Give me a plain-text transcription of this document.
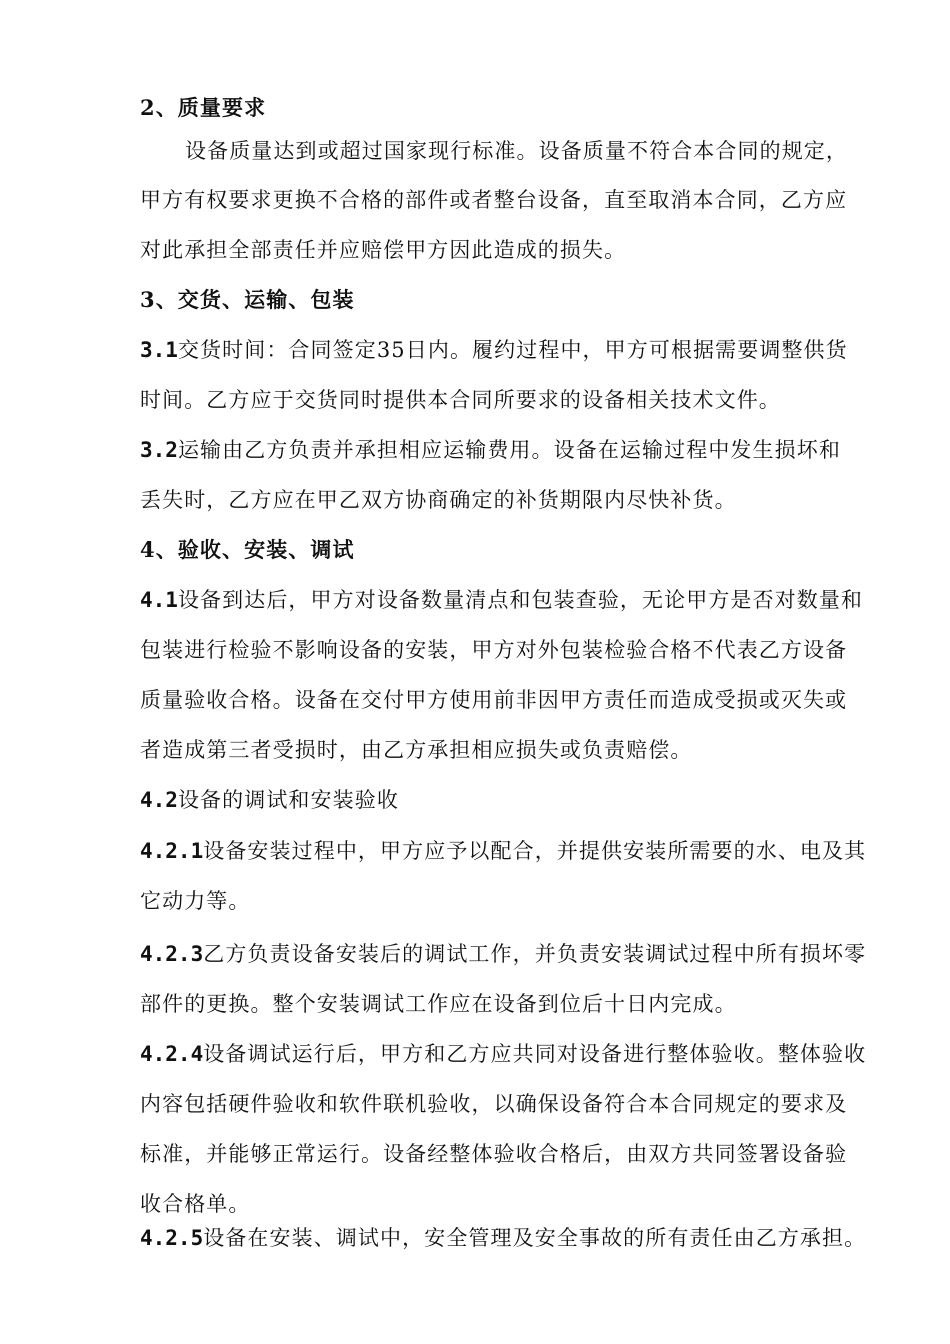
2、质量要求
设备质量达到或超过国家现行标准。设备质量不符合本合同的规定，
甲方有权要求更换不合格的部件或者整台设备，直至取消本合同，乙方应
对此承担全部责任并应赔偿甲方因此造成的损失。
3、交货、运输、包装
3.1交货时间：合同签定35日内。履约过程中，甲方可根据需要调整供货
时间。乙方应于交货同时提供本合同所要求的设备相关技术文件。
3.2运输由乙方负责并承担相应运输费用。设备在运输过程中发生损坏和
丢失时，乙方应在甲乙双方协商确定的补货期限内尽快补货。
4、验收、安装、调试
4.1设备到达后，甲方对设备数量清点和包装查验，无论甲方是否对数量和
包装进行检验不影响设备的安装，甲方对外包装检验合格不代表乙方设备
质量验收合格。设备在交付甲方使用前非因甲方责任而造成受损或灭失或
者造成第三者受损时，由乙方承担相应损失或负责赔偿。
4.2设备的调试和安装验收
4.2.1设备安装过程中，甲方应予以配合，并提供安装所需要的水、电及其
它动力等。
4.2.3乙方负责设备安装后的调试工作，并负责安装调试过程中所有损坏零
部件的更换。整个安装调试工作应在设备到位后十日内完成。
4.2.4设备调试运行后，甲方和乙方应共同对设备进行整体验收。整体验收
内容包括硬件验收和软件联机验收，以确保设备符合本合同规定的要求及
标准，并能够正常运行。设备经整体验收合格后，由双方共同签署设备验
收合格单。
4.2.5设备在安装、调试中，安全管理及安全事故的所有责任由乙方承担。
